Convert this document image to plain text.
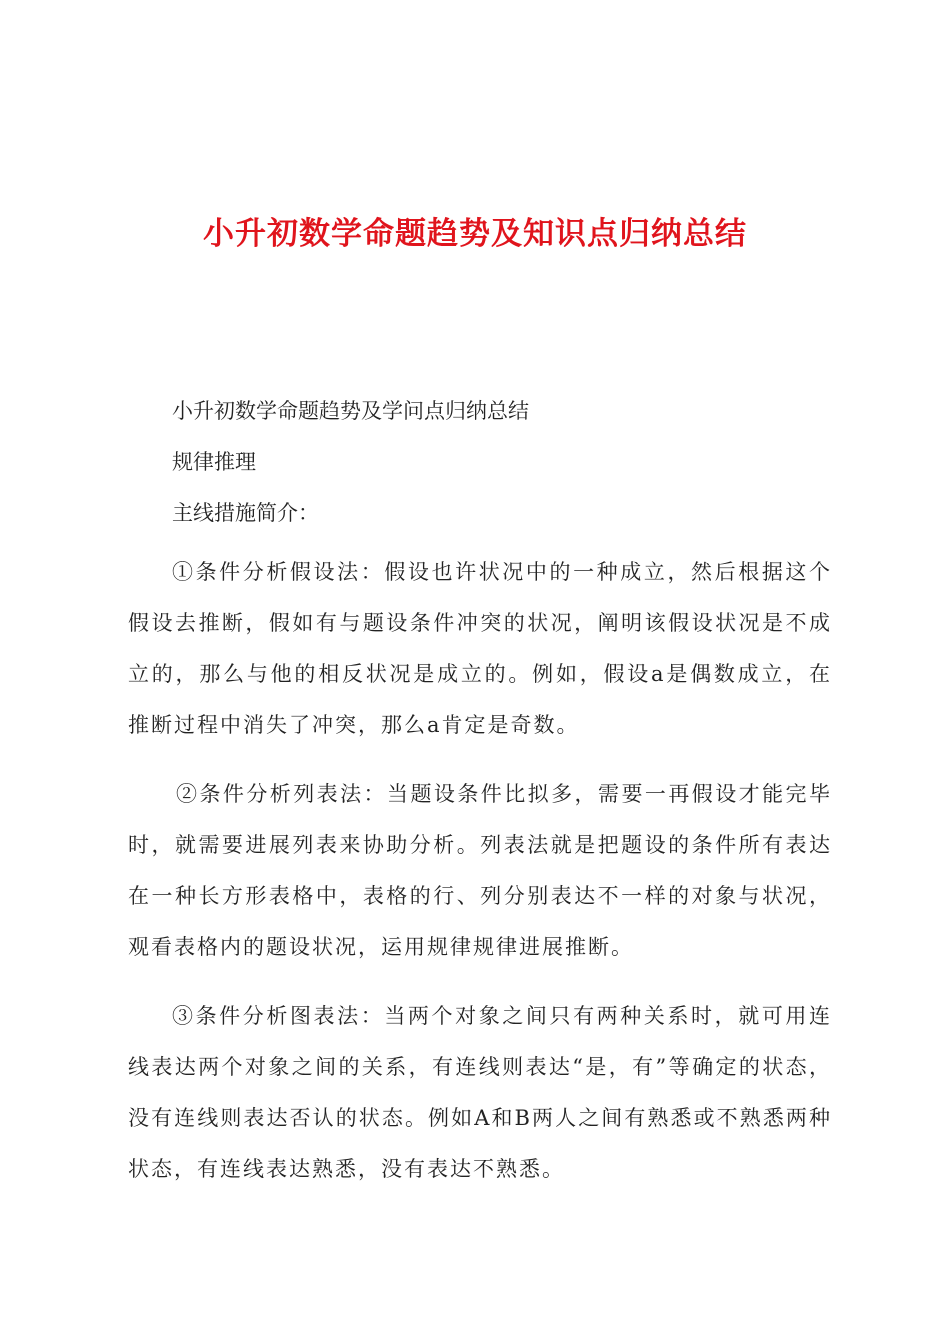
小升初数学命题趋势及知识点归纳总结

小升初数学命题趋势及学问点归纳总结

规律推理

主线措施简介：

①条件分析假设法：假设也许状况中的一种成立，然后根据这个假设去推断，假如有与题设条件冲突的状况，阐明该假设状况是不成立的，那么与他的相反状况是成立的。例如，假设a是偶数成立，在推断过程中消失了冲突，那么a肯定是奇数。

②条件分析列表法：当题设条件比拟多，需要一再假设才能完毕时，就需要进展列表来协助分析。列表法就是把题设的条件所有表达在一种长方形表格中，表格的行、列分别表达不一样的对象与状况，观看表格内的题设状况，运用规律规律进展推断。

③条件分析图表法：当两个对象之间只有两种关系时，就可用连线表达两个对象之间的关系，有连线则表达“是，有”等确定的状态，没有连线则表达否认的状态。例如A和B两人之间有熟悉或不熟悉两种状态，有连线表达熟悉，没有表达不熟悉。
